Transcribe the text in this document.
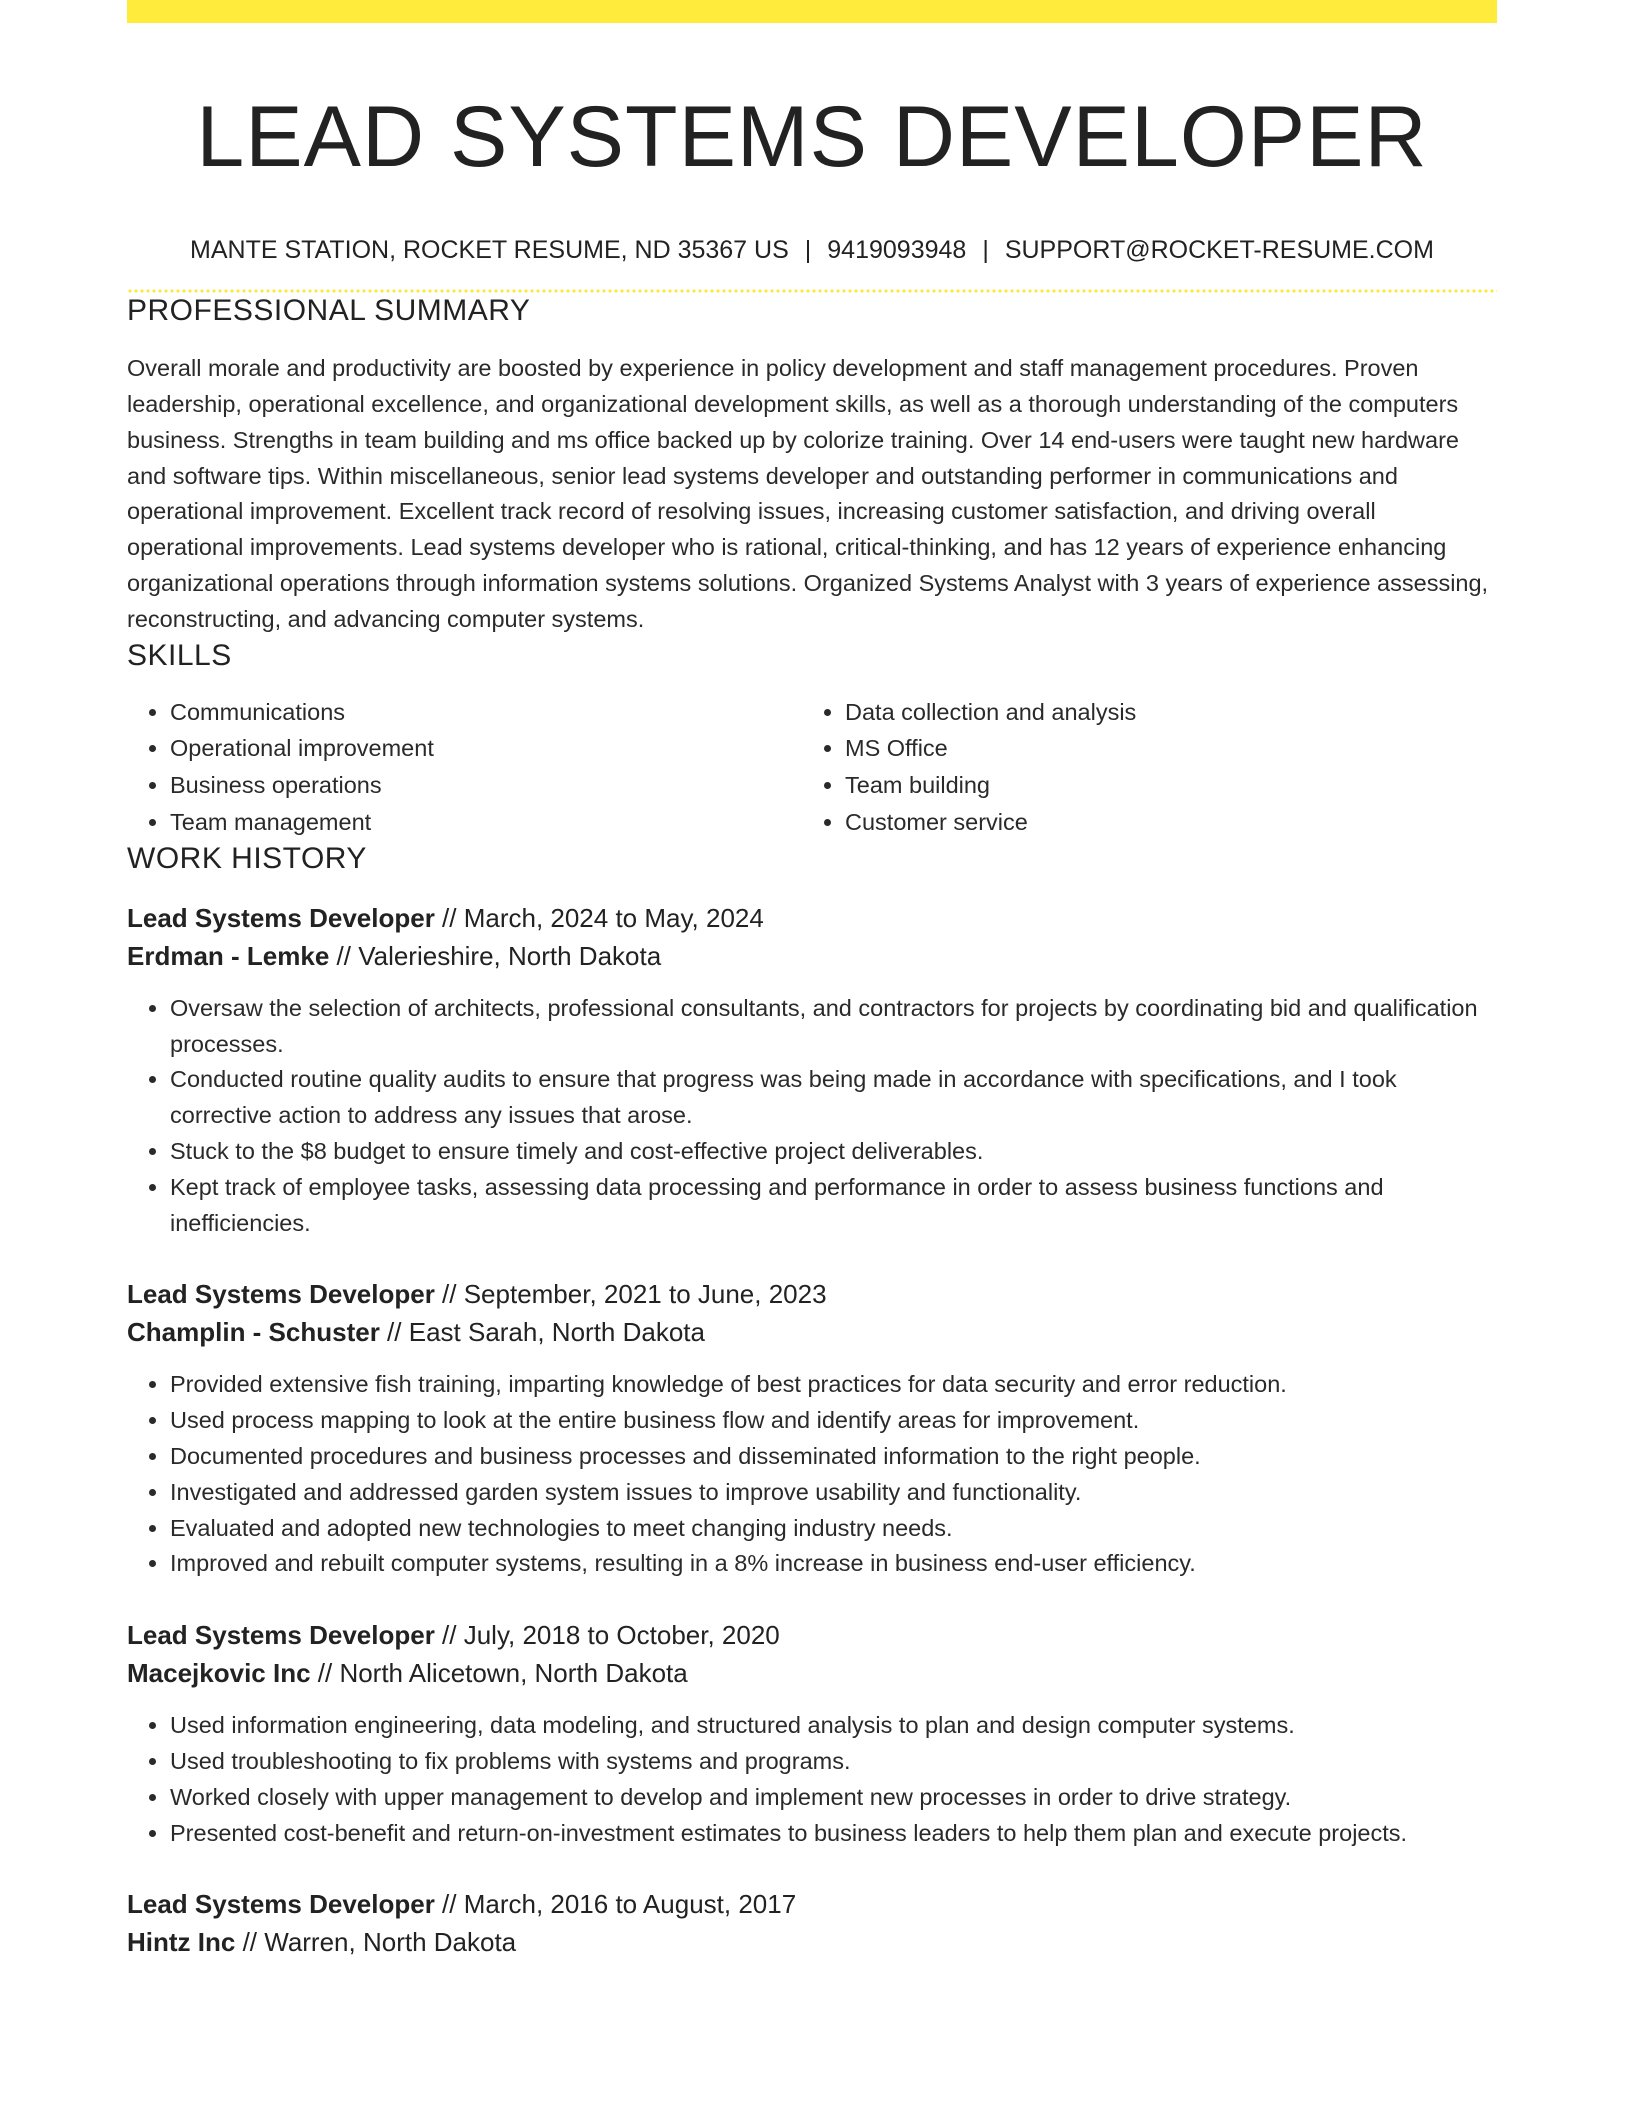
LEAD SYSTEMS DEVELOPER
MANTE STATION, ROCKET RESUME, ND 35367 US | 9419093948 | SUPPORT@ROCKET-RESUME.COM
PROFESSIONAL SUMMARY

Overall morale and productivity are boosted by experience in policy development and staff management procedures. Proven leadership, operational excellence, and organizational development skills, as well as a thorough understanding of the computers business. Strengths in team building and ms office backed up by colorize training. Over 14 end-users were taught new hardware and software tips. Within miscellaneous, senior lead systems developer and outstanding performer in communications and operational improvement. Excellent track record of resolving issues, increasing customer satisfaction, and driving overall operational improvements. Lead systems developer who is rational, critical-thinking, and has 12 years of experience enhancing organizational operations through information systems solutions. Organized Systems Analyst with 3 years of experience assessing, reconstructing, and advancing computer systems.

SKILLS
• Communications
• Operational improvement
• Business operations
• Team management
• Data collection and analysis
• MS Office
• Team building
• Customer service
WORK HISTORY
Lead Systems Developer // March, 2024 to May, 2024
Erdman - Lemke // Valerieshire, North Dakota
• Oversaw the selection of architects, professional consultants, and contractors for projects by coordinating bid and qualification processes.
• Conducted routine quality audits to ensure that progress was being made in accordance with specifications, and I took corrective action to address any issues that arose.
• Stuck to the $8 budget to ensure timely and cost-effective project deliverables.
• Kept track of employee tasks, assessing data processing and performance in order to assess business functions and inefficiencies.
Lead Systems Developer // September, 2021 to June, 2023
Champlin - Schuster // East Sarah, North Dakota
• Provided extensive fish training, imparting knowledge of best practices for data security and error reduction.
• Used process mapping to look at the entire business flow and identify areas for improvement.
• Documented procedures and business processes and disseminated information to the right people.
• Investigated and addressed garden system issues to improve usability and functionality.
• Evaluated and adopted new technologies to meet changing industry needs.
• Improved and rebuilt computer systems, resulting in a 8% increase in business end-user efficiency.
Lead Systems Developer // July, 2018 to October, 2020
Macejkovic Inc // North Alicetown, North Dakota
• Used information engineering, data modeling, and structured analysis to plan and design computer systems.
• Used troubleshooting to fix problems with systems and programs.
• Worked closely with upper management to develop and implement new processes in order to drive strategy.
• Presented cost-benefit and return-on-investment estimates to business leaders to help them plan and execute projects.
Lead Systems Developer // March, 2016 to August, 2017
Hintz Inc // Warren, North Dakota
